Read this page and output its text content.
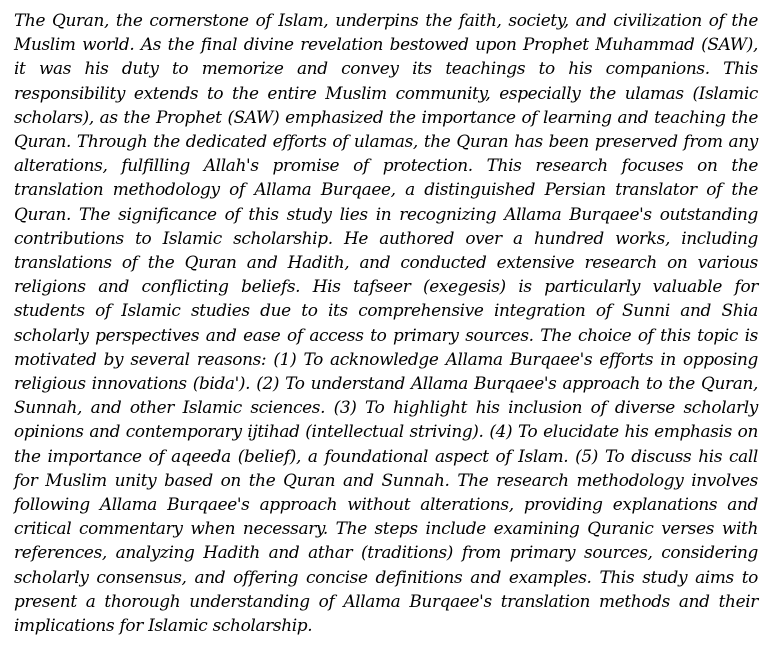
The Quran, the cornerstone of Islam, underpins the faith, society, and civilization of the Muslim world. As the final divine revelation bestowed upon Prophet Muhammad (SAW), it was his duty to memorize and convey its teachings to his companions. This responsibility extends to the entire Muslim community, especially the ulamas (Islamic scholars), as the Prophet (SAW) emphasized the importance of learning and teaching the Quran. Through the dedicated efforts of ulamas, the Quran has been preserved from any alterations, fulfilling Allah's promise of protection. This research focuses on the translation methodology of Allama Burqaee, a distinguished Persian translator of the Quran. The significance of this study lies in recognizing Allama Burqaee's outstanding contributions to Islamic scholarship. He authored over a hundred works, including translations of the Quran and Hadith, and conducted extensive research on various religions and conflicting beliefs. His tafseer (exegesis) is particularly valuable for students of Islamic studies due to its comprehensive integration of Sunni and Shia scholarly perspectives and ease of access to primary sources. The choice of this topic is motivated by several reasons: (1) To acknowledge Allama Burqaee's efforts in opposing religious innovations (bida'). (2) To understand Allama Burqaee's approach to the Quran, Sunnah, and other Islamic sciences. (3) To highlight his inclusion of diverse scholarly opinions and contemporary ijtihad (intellectual striving). (4) To elucidate his emphasis on the importance of aqeeda (belief), a foundational aspect of Islam. (5) To discuss his call for Muslim unity based on the Quran and Sunnah. The research methodology involves following Allama Burqaee's approach without alterations, providing explanations and critical commentary when necessary. The steps include examining Quranic verses with references, analyzing Hadith and athar (traditions) from primary sources, considering scholarly consensus, and offering concise definitions and examples. This study aims to present a thorough understanding of Allama Burqaee's translation methods and their implications for Islamic scholarship.
